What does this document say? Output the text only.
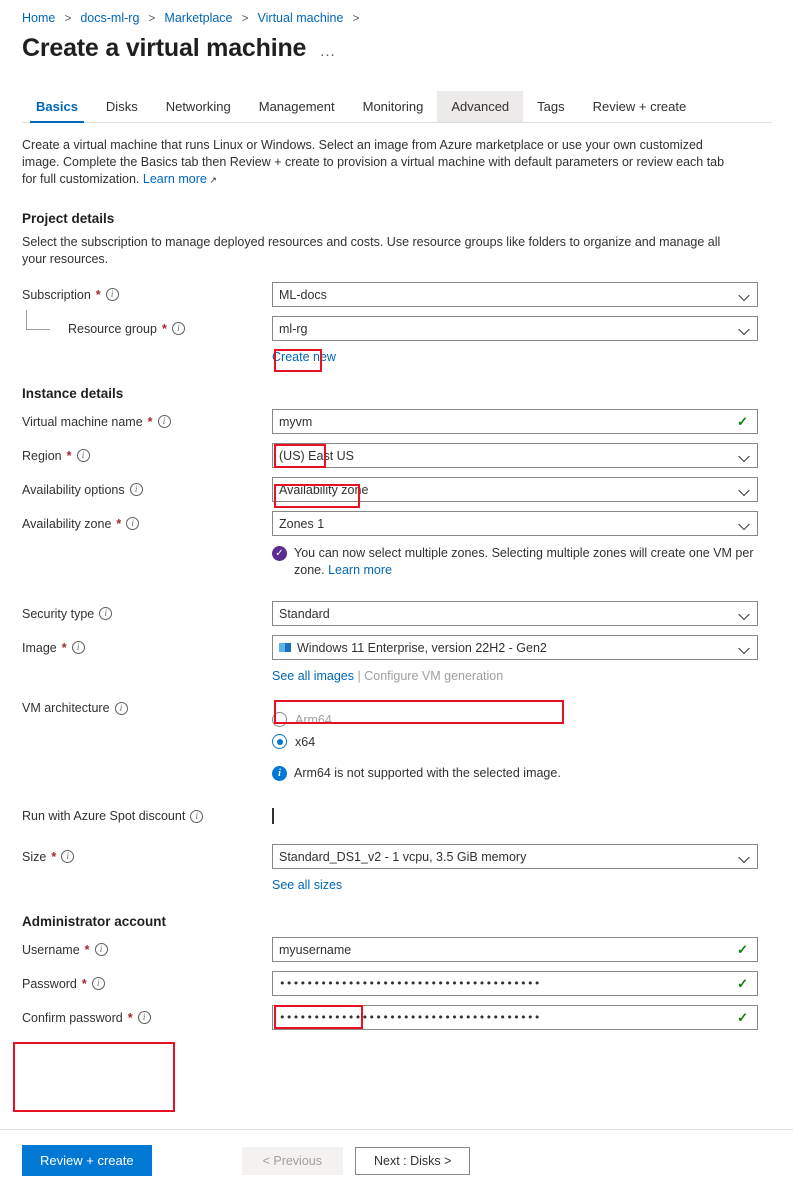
Home > docs-ml-rg > Marketplace > Virtual machine >
Create a virtual machine ...
Basics	Disks	Networking	Management	Monitoring	Advanced	Tags	Review + create
Create a virtual machine that runs Linux or Windows. Select an image from Azure marketplace or use your own customized image. Complete the Basics tab then Review + create to provision a virtual machine with default parameters or review each tab for full customization. Learn more ↗
Project details
Select the subscription to manage deployed resources and costs. Use resource groups like folders to organize and manage all your resources.
Subscription *	i	ML-docs
Resource group *	i	ml-rg
Create new
Instance details
Virtual machine name *	i	myvm	✓
Region *	i	(US) East US
Availability options	i	Availability zone
Availability zone *	i	Zones 1
✓ You can now select multiple zones. Selecting multiple zones will create one VM per zone. Learn more
Security type	i	Standard
Image *	i	Windows 11 Enterprise, version 22H2 - Gen2
See all images | Configure VM generation
VM architecture	i
Arm64
x64
i	Arm64 is not supported with the selected image.
Run with Azure Spot discount	i
Size *	i	Standard_DS1_v2 - 1 vcpu, 3.5 GiB memory
See all sizes
Administrator account
Username *	i	myusername	✓
Password *	i	••••••••••••••••••••••••••••••••••••••	✓
Confirm password *	i	••••••••••••••••••••••••••••••••••••••	✓
Review + create	< Previous	Next : Disks >
